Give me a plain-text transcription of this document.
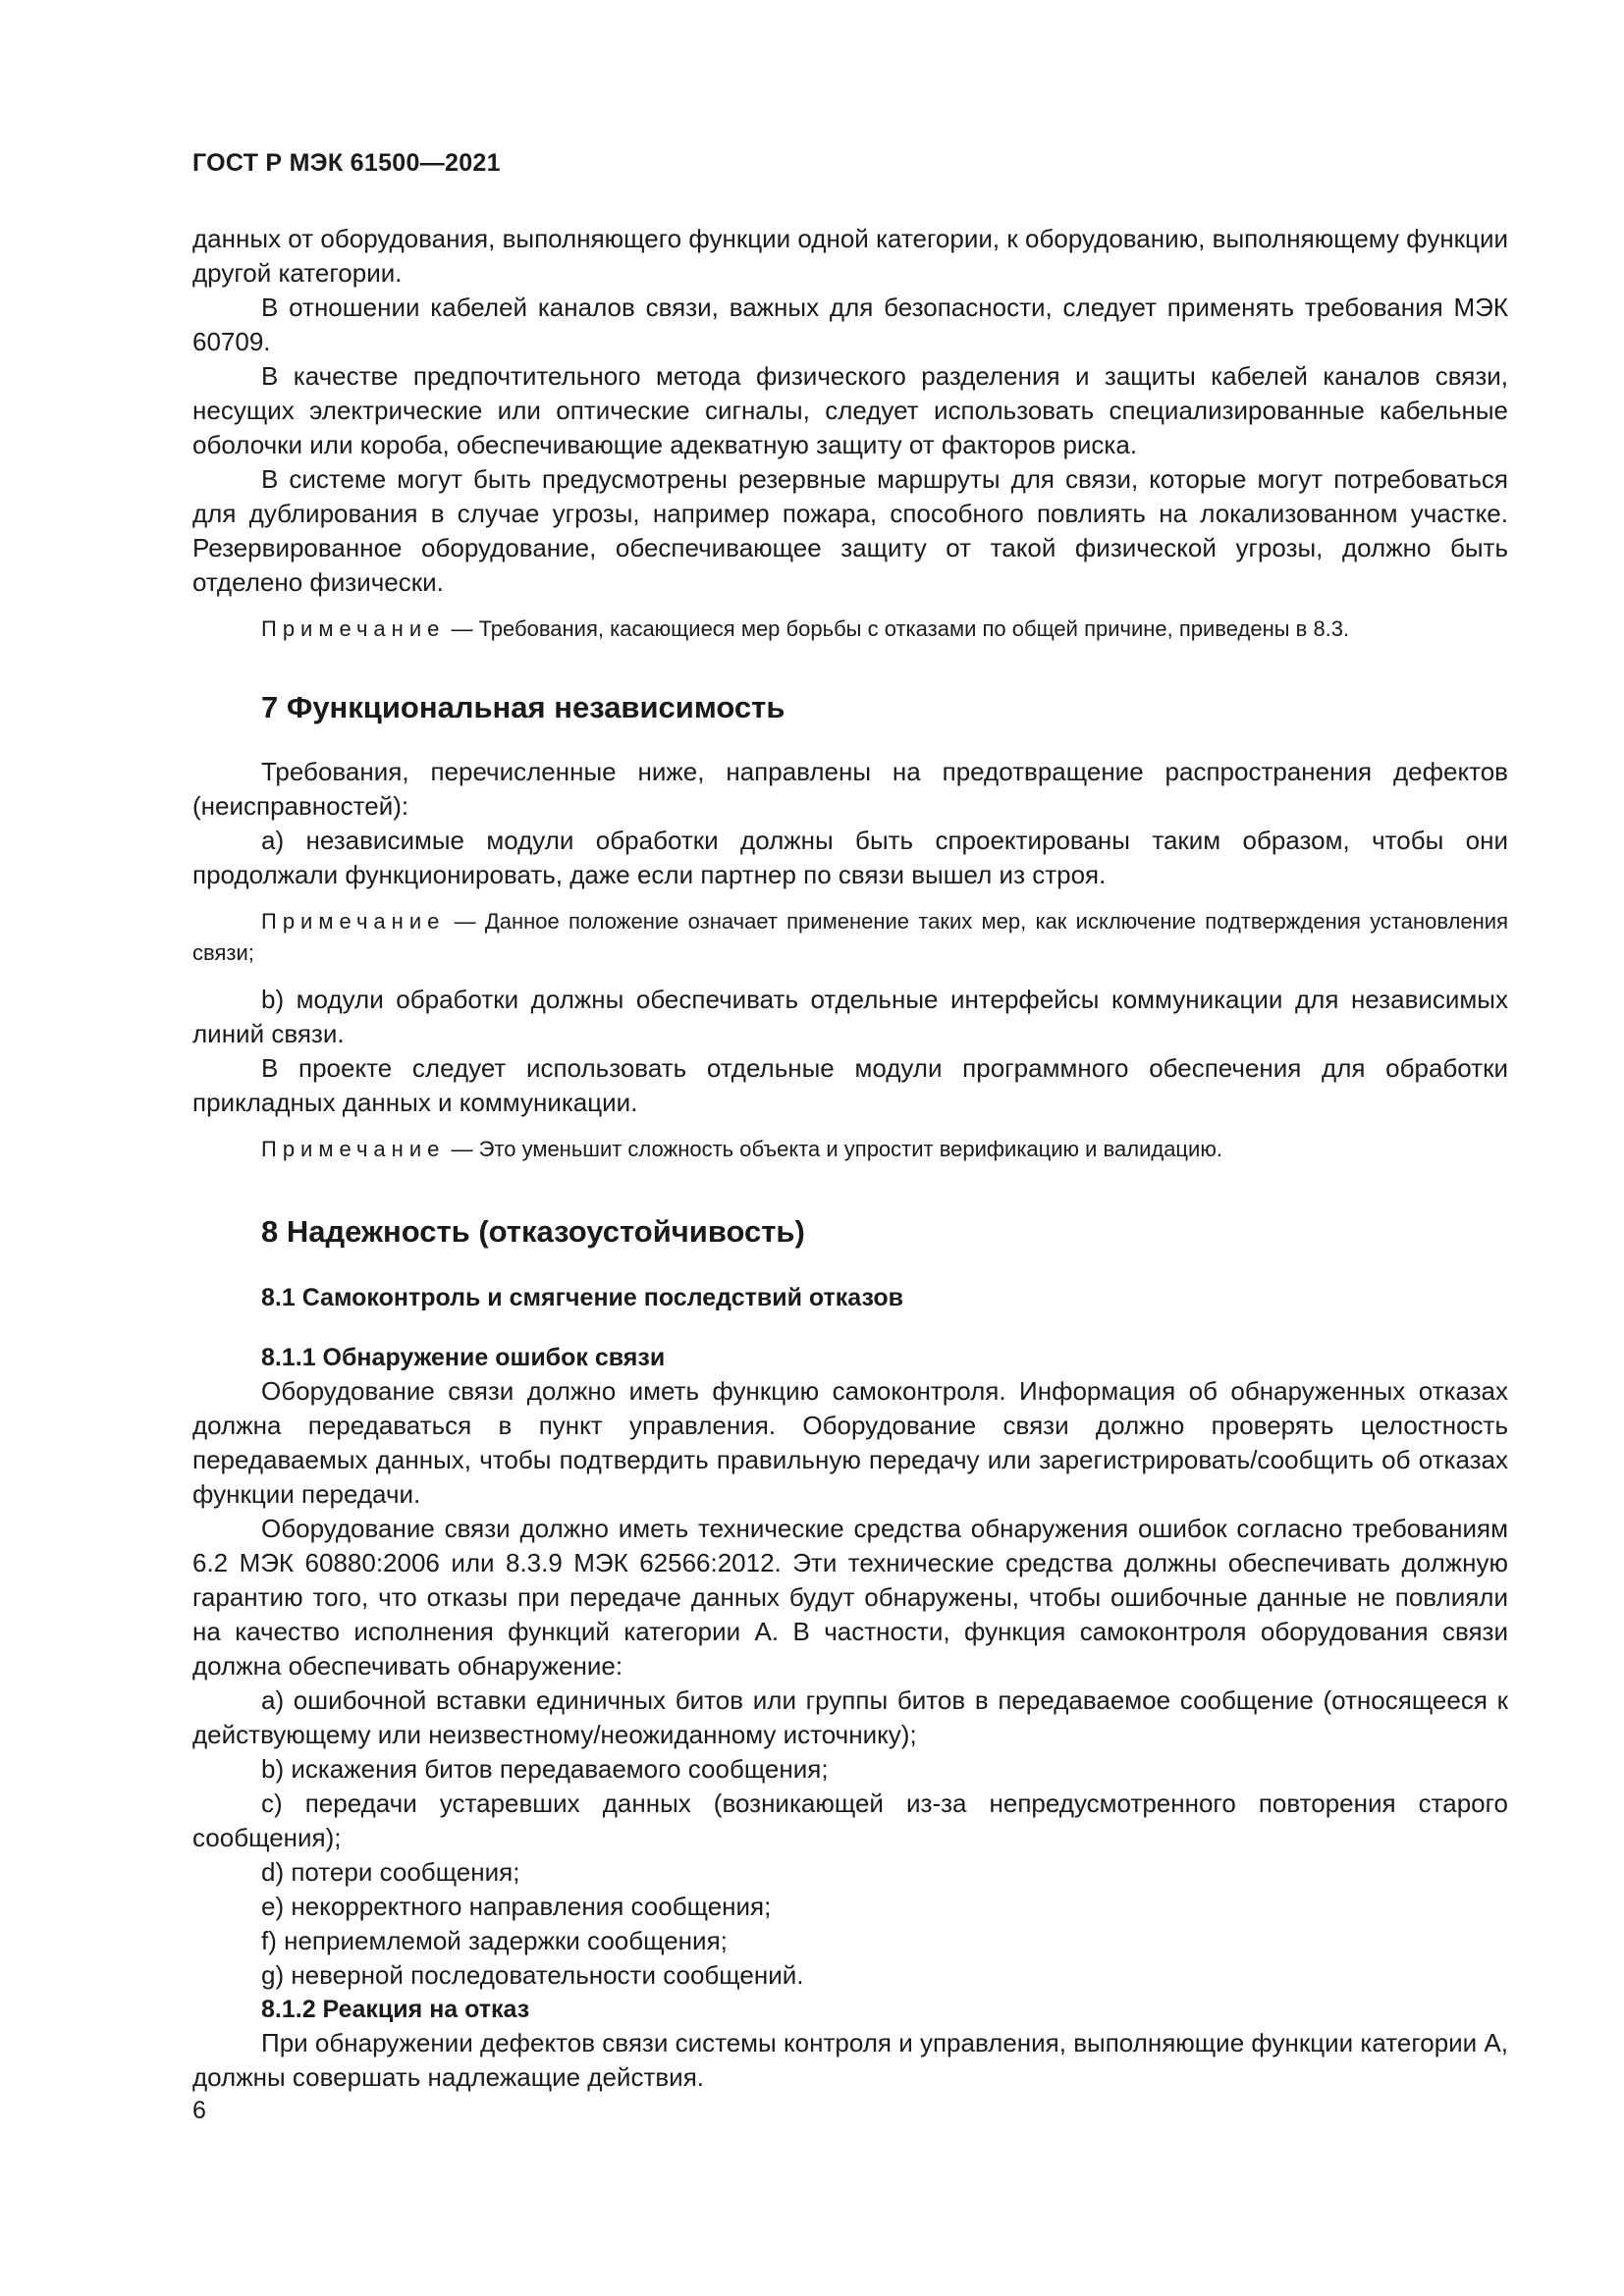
ГОСТ Р МЭК 61500—2021

данных от оборудования, выполняющего функции одной категории, к оборудованию, выполняющему функции другой категории.

В отношении кабелей каналов связи, важных для безопасности, следует применять требования МЭК 60709.

В качестве предпочтительного метода физического разделения и защиты кабелей каналов связи, несущих электрические или оптические сигналы, следует использовать специализированные кабельные оболочки или короба, обеспечивающие адекватную защиту от факторов риска.

В системе могут быть предусмотрены резервные маршруты для связи, которые могут потребоваться для дублирования в случае угрозы, например пожара, способного повлиять на локализованном участке. Резервированное оборудование, обеспечивающее защиту от такой физической угрозы, должно быть отделено физически.

Примечание — Требования, касающиеся мер борьбы с отказами по общей причине, приведены в 8.3.

7 Функциональная независимость

Требования, перечисленные ниже, направлены на предотвращение распространения дефектов (неисправностей):

а) независимые модули обработки должны быть спроектированы таким образом, чтобы они продолжали функционировать, даже если партнер по связи вышел из строя.

Примечание — Данное положение означает применение таких мер, как исключение подтверждения установления связи;

b) модули обработки должны обеспечивать отдельные интерфейсы коммуникации для независимых линий связи.

В проекте следует использовать отдельные модули программного обеспечения для обработки прикладных данных и коммуникации.

Примечание — Это уменьшит сложность объекта и упростит верификацию и валидацию.

8 Надежность (отказоустойчивость)
8.1 Самоконтроль и смягчение последствий отказов
8.1.1 Обнаружение ошибок связи

Оборудование связи должно иметь функцию самоконтроля. Информация об обнаруженных отказах должна передаваться в пункт управления. Оборудование связи должно проверять целостность передаваемых данных, чтобы подтвердить правильную передачу или зарегистрировать/сообщить об отказах функции передачи.

Оборудование связи должно иметь технические средства обнаружения ошибок согласно требованиям 6.2 МЭК 60880:2006 или 8.3.9 МЭК 62566:2012. Эти технические средства должны обеспечивать должную гарантию того, что отказы при передаче данных будут обнаружены, чтобы ошибочные данные не повлияли на качество исполнения функций категории А. В частности, функция самоконтроля оборудования связи должна обеспечивать обнаружение:

а) ошибочной вставки единичных битов или группы битов в передаваемое сообщение (относящееся к действующему или неизвестному/неожиданному источнику);

b) искажения битов передаваемого сообщения;

с) передачи устаревших данных (возникающей из-за непредусмотренного повторения старого сообщения);

d) потери сообщения;

е) некорректного направления сообщения;

f) неприемлемой задержки сообщения;

g) неверной последовательности сообщений.

8.1.2 Реакция на отказ

При обнаружении дефектов связи системы контроля и управления, выполняющие функции категории А, должны совершать надлежащие действия.

6
